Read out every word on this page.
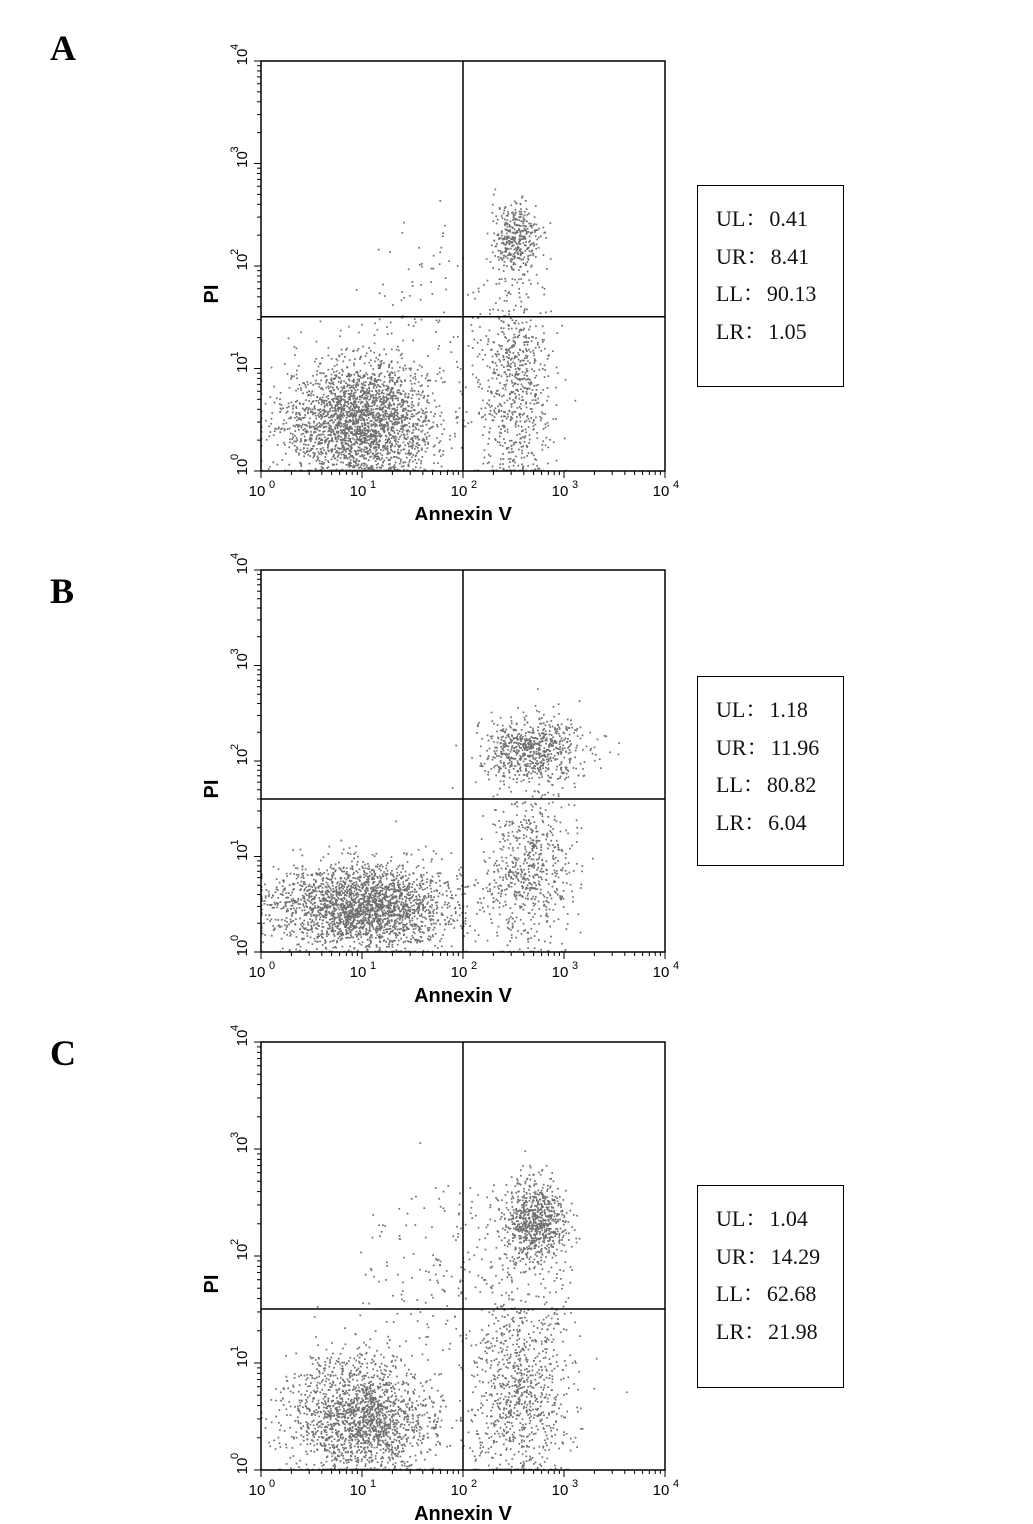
A
10 0	10 1	10 2	10 3	10 4
10
0
10
1
10
2
10
3
10
4
Annexin V
PI
UL：0.41
UR：8.41
LL：90.13
LR：1.05
B
10 0	10 1	10 2	10 3	10 4
10
0
10
1
10
2
10
3
10
4
Annexin V
PI
UL：1.18
UR：11.96
LL：80.82
LR：6.04
C
10 0	10 1	10 2	10 3	10 4
10
0
10
1
10
2
10
3
10
4
Annexin V
PI
UL：1.04
UR：14.29
LL：62.68
LR：21.98
